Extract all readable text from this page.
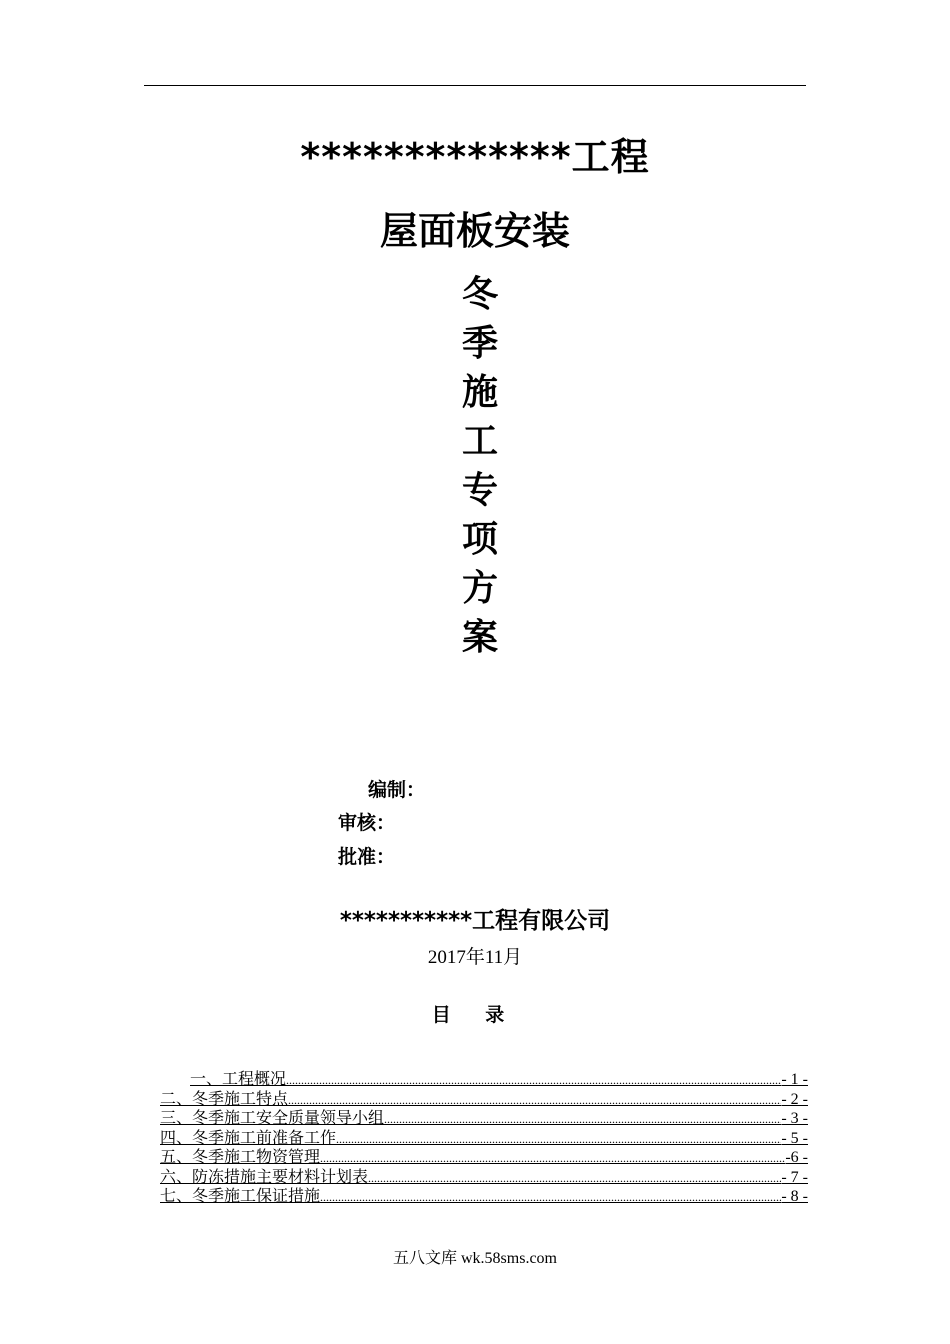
*************工程
屋面板安装
冬
季
施
工
专
项
方
案
编制：
审核：
批准：
***********工程有限公司
2017年11月
目 录
一、工程概况 .....	- 1 -
二、冬季施工特点 .....	- 2 -
三、冬季施工安全质量领导小组 .....	- 3 -
四、冬季施工前准备工作 .....	- 5 -
五、冬季施工物资管理 .....	-6 -
六、防冻措施主要材料计划表 .....	- 7 -
七、冬季施工保证措施 .....	- 8 -
五八文库 wk.58sms.com
